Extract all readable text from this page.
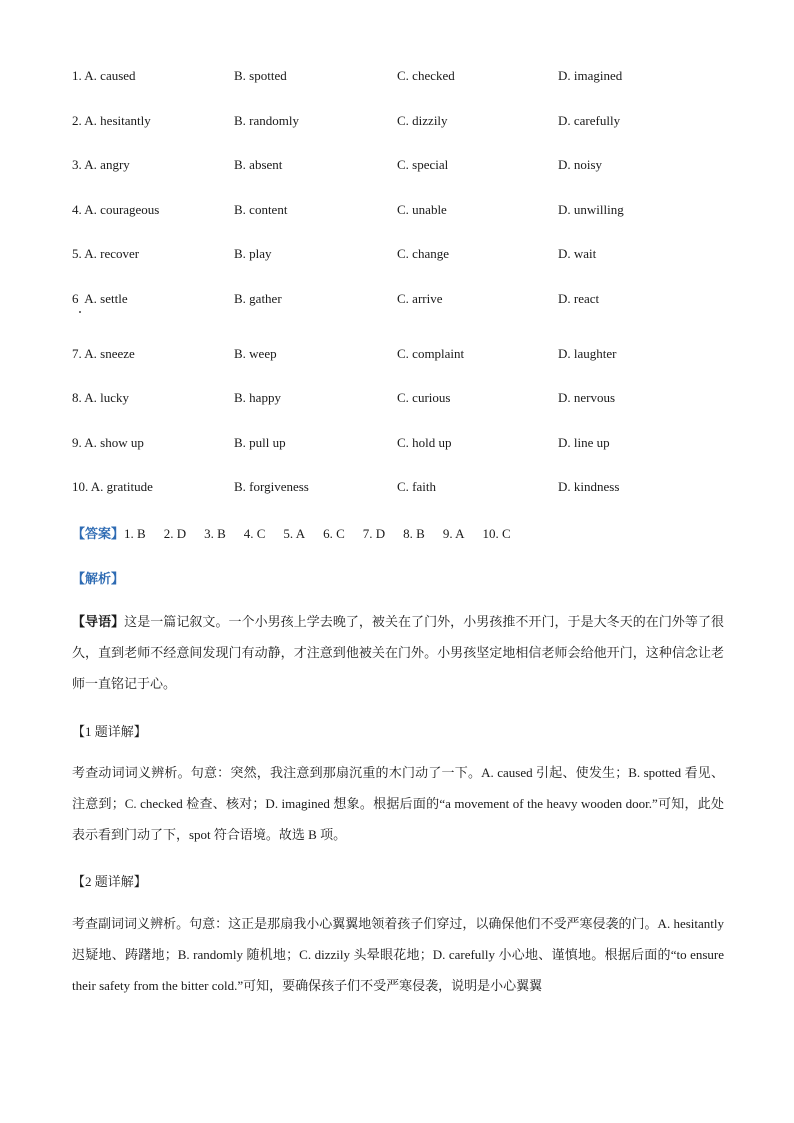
1. A. caused	B. spotted	C. checked	D. imagined
2. A. hesitantly	B. randomly	C. dizzily	D. carefully
3. A. angry	B. absent	C. special	D. noisy
4. A. courageous	B. content	C. unable	D. unwilling
5. A. recover	B. play	C. change	D. wait
6 A. settle	B. gather	C. arrive	D. react
7. A. sneeze	B. weep	C. complaint	D. laughter
8. A. lucky	B. happy	C. curious	D. nervous
9. A. show up	B. pull up	C. hold up	D. line up
10. A. gratitude	B. forgiveness	C. faith	D. kindness
【答案】1. B 2. D 3. B 4. C 5. A 6. C 7. D 8. B 9. A 10. C
【解析】
【导语】这是一篇记叙文。一个小男孩上学去晚了，被关在了门外，小男孩推不开门，于是大冬天的在门外等了很久，直到老师不经意间发现门有动静，才注意到他被关在门外。小男孩坚定地相信老师会给他开门，这种信念让老师一直铭记于心。
【1 题详解】
考查动词词义辨析。句意：突然，我注意到那扇沉重的木门动了一下。A. caused 引起、使发生；B. spotted 看见、注意到；C. checked 检查、核对；D. imagined 想象。根据后面的“a movement of the heavy wooden door.”可知，此处表示看到门动了下，spot 符合语境。故选 B 项。
【2 题详解】
考查副词词义辨析。句意：这正是那扇我小心翼翼地领着孩子们穿过，以确保他们不受严寒侵袭的门。A. hesitantly 迟疑地、踌躇地；B. randomly 随机地；C. dizzily 头晕眼花地；D. carefully 小心地、谨慎地。根据后面的“to ensure their safety from the bitter cold.”可知，要确保孩子们不受严寒侵袭，说明是小心翼翼
